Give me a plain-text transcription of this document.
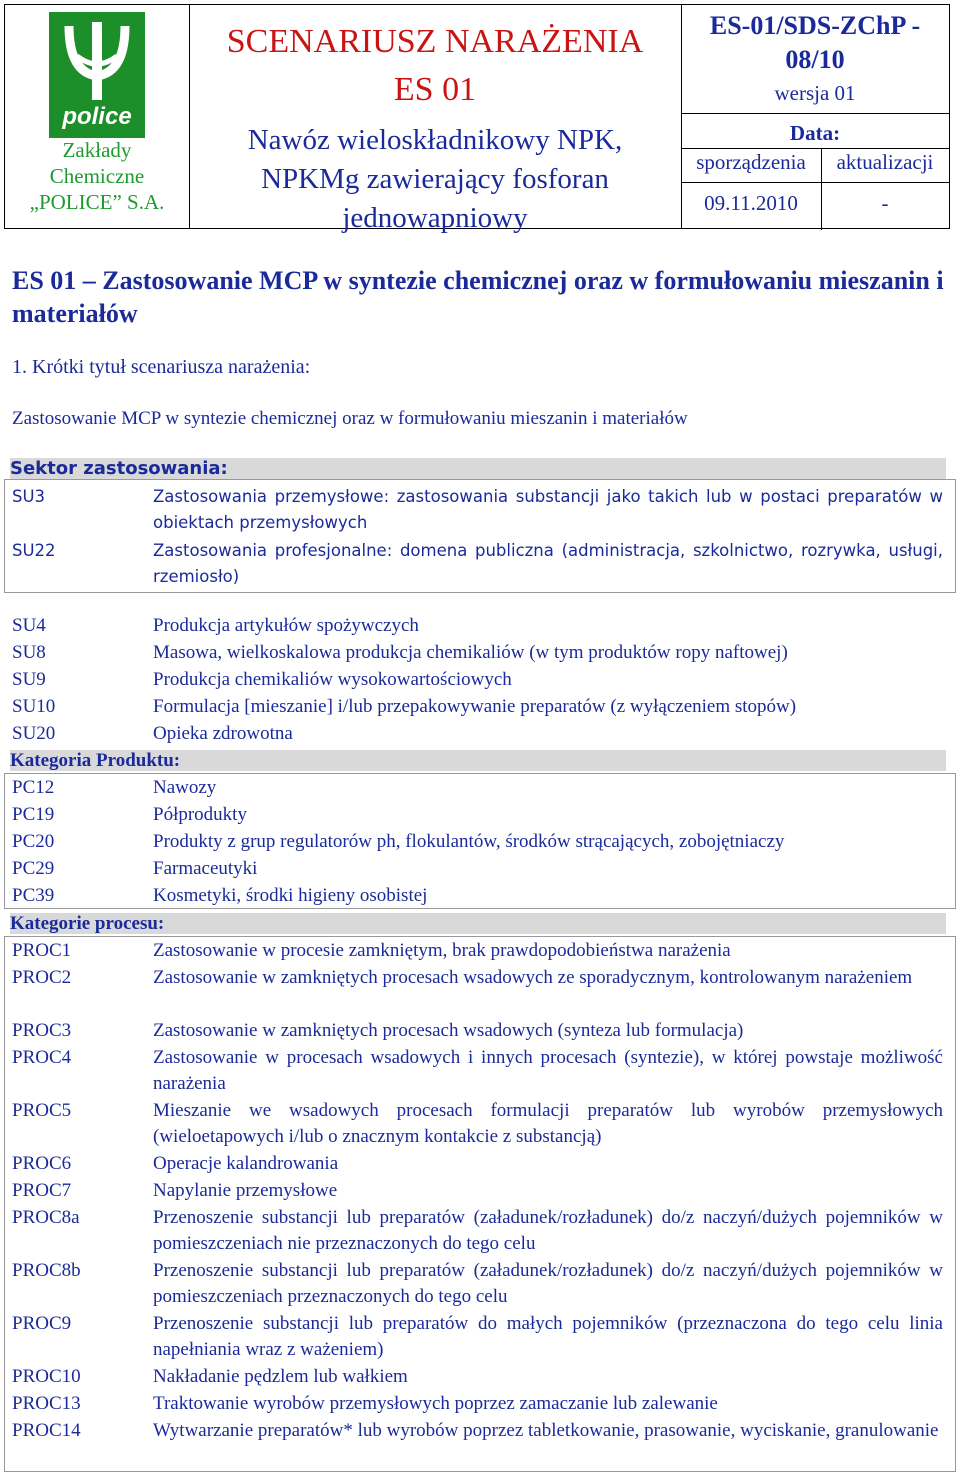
police
Zakłady
Chemiczne
„POLICE” S.A.
SCENARIUSZ NARAŻENIA
ES 01
Nawóz wieloskładnikowy NPK,
NPKMg zawierający fosforan
jednowapniowy
ES-01/SDS-ZChP -
08/10
wersja 01
Data:
sporządzenia	aktualizacji
09.11.2010	-
ES 01 – Zastosowanie MCP w syntezie chemicznej oraz w formułowaniu mieszanin i materiałów
1. Krótki tytuł scenariusza narażenia:
Zastosowanie MCP w syntezie chemicznej oraz w formułowaniu mieszanin i materiałów
Sektor zastosowania:
SU3	Zastosowania przemysłowe: zastosowania substancji jako takich lub w postaci preparatów w obiektach przemysłowych
SU22	Zastosowania profesjonalne: domena publiczna (administracja, szkolnictwo, rozrywka, usługi, rzemiosło)
SU4	Produkcja artykułów spożywczych
SU8	Masowa, wielkoskalowa produkcja chemikaliów (w tym produktów ropy naftowej)
SU9	Produkcja chemikaliów wysokowartościowych
SU10	Formulacja [mieszanie] i/lub przepakowywanie preparatów (z wyłączeniem stopów)
SU20	Opieka zdrowotna
Kategoria Produktu:
PC12	Nawozy
PC19	Półprodukty
PC20	Produkty z grup regulatorów ph, flokulantów, środków strącających, zobojętniaczy
PC29	Farmaceutyki
PC39	Kosmetyki, środki higieny osobistej
Kategorie procesu:
PROC1	Zastosowanie w procesie zamkniętym, brak prawdopodobieństwa narażenia
PROC2	Zastosowanie w zamkniętych procesach wsadowych ze sporadycznym, kontrolowanym narażeniem
PROC3	Zastosowanie w zamkniętych procesach wsadowych (synteza lub formulacja)
PROC4	Zastosowanie w procesach wsadowych i innych procesach (syntezie), w której powstaje możliwość narażenia
PROC5	Mieszanie we wsadowych procesach formulacji preparatów lub wyrobów przemysłowych (wieloetapowych i/lub o znacznym kontakcie z substancją)
PROC6	Operacje kalandrowania
PROC7	Napylanie przemysłowe
PROC8a	Przenoszenie substancji lub preparatów (załadunek/rozładunek) do/z naczyń/dużych pojemników w pomieszczeniach nie przeznaczonych do tego celu
PROC8b	Przenoszenie substancji lub preparatów (załadunek/rozładunek) do/z naczyń/dużych pojemników w pomieszczeniach przeznaczonych do tego celu
PROC9	Przenoszenie substancji lub preparatów do małych pojemników (przeznaczona do tego celu linia napełniania wraz z ważeniem)
PROC10	Nakładanie pędzlem lub wałkiem
PROC13	Traktowanie wyrobów przemysłowych poprzez zamaczanie lub zalewanie
PROC14	Wytwarzanie preparatów* lub wyrobów poprzez tabletkowanie, prasowanie, wyciskanie, granulowanie
